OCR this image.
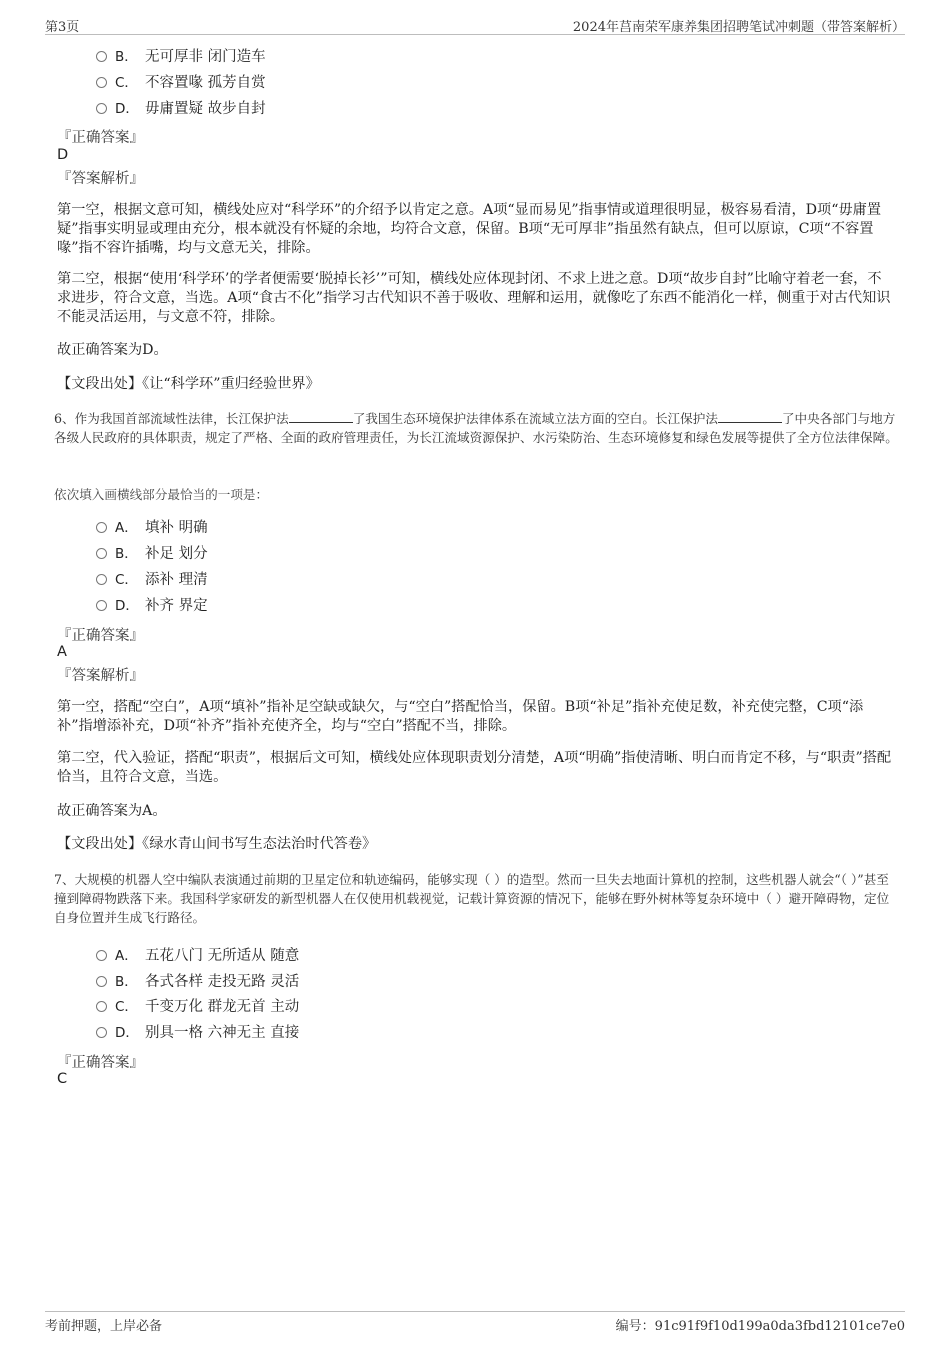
第3页	2024年莒南荣军康养集团招聘笔试冲刺题（带答案解析）
B． 无可厚非 闭门造车
C． 不容置喙 孤芳自赏
D． 毋庸置疑 故步自封
『正确答案』
D
『答案解析』
第一空，根据文意可知，横线处应对“科学环”的介绍予以肯定之意。A项“显而易见”指事情或道理很明显，极容易看清，D项“毋庸置疑”指事实明显或理由充分，根本就没有怀疑的余地，均符合文意，保留。B项“无可厚非”指虽然有缺点，但可以原谅，C项“不容置喙”指不容许插嘴，均与文意无关，排除。
第二空，根据“使用‘科学环’的学者便需要‘脱掉长衫’”可知，横线处应体现封闭、不求上进之意。D项“故步自封”比喻守着老一套，不求进步，符合文意，当选。A项“食古不化”指学习古代知识不善于吸收、理解和运用，就像吃了东西不能消化一样，侧重于对古代知识不能灵活运用，与文意不符，排除。
故正确答案为D。
【文段出处】《让“科学环”重归经验世界》
6、作为我国首部流域性法律，长江保护法	了我国生态环境保护法律体系在流域立法方面的空白。长江保护法	了中央各部门与地方各级人民政府的具体职责，规定了严格、全面的政府管理责任，为长江流域资源保护、水污染防治、生态环境修复和绿色发展等提供了全方位法律保障。
依次填入画横线部分最恰当的一项是：
A． 填补 明确
B． 补足 划分
C． 添补 理清
D． 补齐 界定
『正确答案』
A
『答案解析』
第一空，搭配“空白”，A项“填补”指补足空缺或缺欠，与“空白”搭配恰当，保留。B项“补足”指补充使足数，补充使完整，C项“添补”指增添补充，D项“补齐”指补充使齐全，均与“空白”搭配不当，排除。
第二空，代入验证，搭配“职责”，根据后文可知，横线处应体现职责划分清楚，A项“明确”指使清晰、明白而肯定不移，与“职责”搭配恰当，且符合文意，当选。
故正确答案为A。
【文段出处】《绿水青山间书写生态法治时代答卷》
7、大规模的机器人空中编队表演通过前期的卫星定位和轨迹编码，能够实现（ ）的造型。然而一旦失去地面计算机的控制，这些机器人就会“（ ）”甚至撞到障碍物跌落下来。我国科学家研发的新型机器人在仅使用机载视觉，记载计算资源的情况下，能够在野外树林等复杂环境中（ ）避开障碍物，定位自身位置并生成飞行路径。
A． 五花八门 无所适从 随意
B． 各式各样 走投无路 灵活
C． 千变万化 群龙无首 主动
D． 别具一格 六神无主 直接
『正确答案』
C
考前押题，上岸必备	编号：91c91f9f10d199a0da3fbd12101ce7e0
